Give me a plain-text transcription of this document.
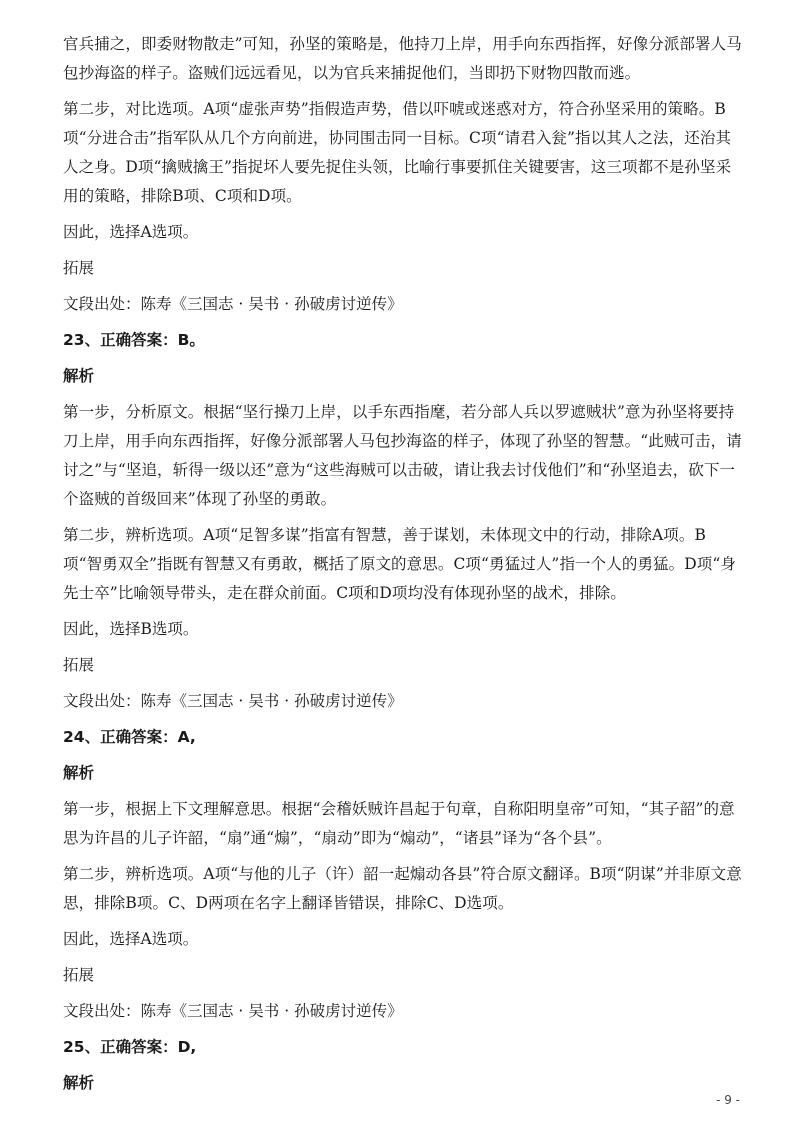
官兵捕之，即委财物散走”可知，孙坚的策略是，他持刀上岸，用手向东西指挥，好像分派部署人马包抄海盗的样子。盗贼们远远看见，以为官兵来捕捉他们，当即扔下财物四散而逃。

第二步，对比选项。A项“虚张声势”指假造声势，借以吓唬或迷惑对方，符合孙坚采用的策略。B项“分进合击”指军队从几个方向前进，协同围击同一目标。C项“请君入瓮”指以其人之法，还治其人之身。D项“擒贼擒王”指捉坏人要先捉住头领，比喻行事要抓住关键要害，这三项都不是孙坚采用的策略，排除B项、C项和D项。

因此，选择A选项。

拓展

文段出处：陈寿《三国志 · 吴书 · 孙破虏讨逆传》

23、正确答案：B。

解析

第一步，分析原文。根据“坚行操刀上岸，以手东西指麾，若分部人兵以罗遮贼状”意为孙坚将要持刀上岸，用手向东西指挥，好像分派部署人马包抄海盗的样子，体现了孙坚的智慧。“此贼可击，请讨之”与“坚追，斩得一级以还”意为“这些海贼可以击破，请让我去讨伐他们”和“孙坚追去，砍下一个盗贼的首级回来”体现了孙坚的勇敢。

第二步，辨析选项。A项“足智多谋”指富有智慧，善于谋划，未体现文中的行动，排除A项。B项“智勇双全”指既有智慧又有勇敢，概括了原文的意思。C项“勇猛过人”指一个人的勇猛。D项“身先士卒”比喻领导带头，走在群众前面。C项和D项均没有体现孙坚的战术，排除。

因此，选择B选项。

拓展

文段出处：陈寿《三国志 · 吴书 · 孙破虏讨逆传》

24、正确答案：A,

解析

第一步，根据上下文理解意思。根据“会稽妖贼许昌起于句章，自称阳明皇帝”可知，“其子韶”的意思为许昌的儿子许韶，“扇”通“煽”，“扇动”即为“煽动”，“诸县”译为“各个县”。

第二步，辨析选项。A项“与他的儿子（许）韶一起煽动各县”符合原文翻译。B项“阴谋”并非原文意思，排除B项。C、D两项在名字上翻译皆错误，排除C、D选项。

因此，选择A选项。

拓展

文段出处：陈寿《三国志 · 吴书 · 孙破虏讨逆传》

25、正确答案：D,

解析

- 9 -
